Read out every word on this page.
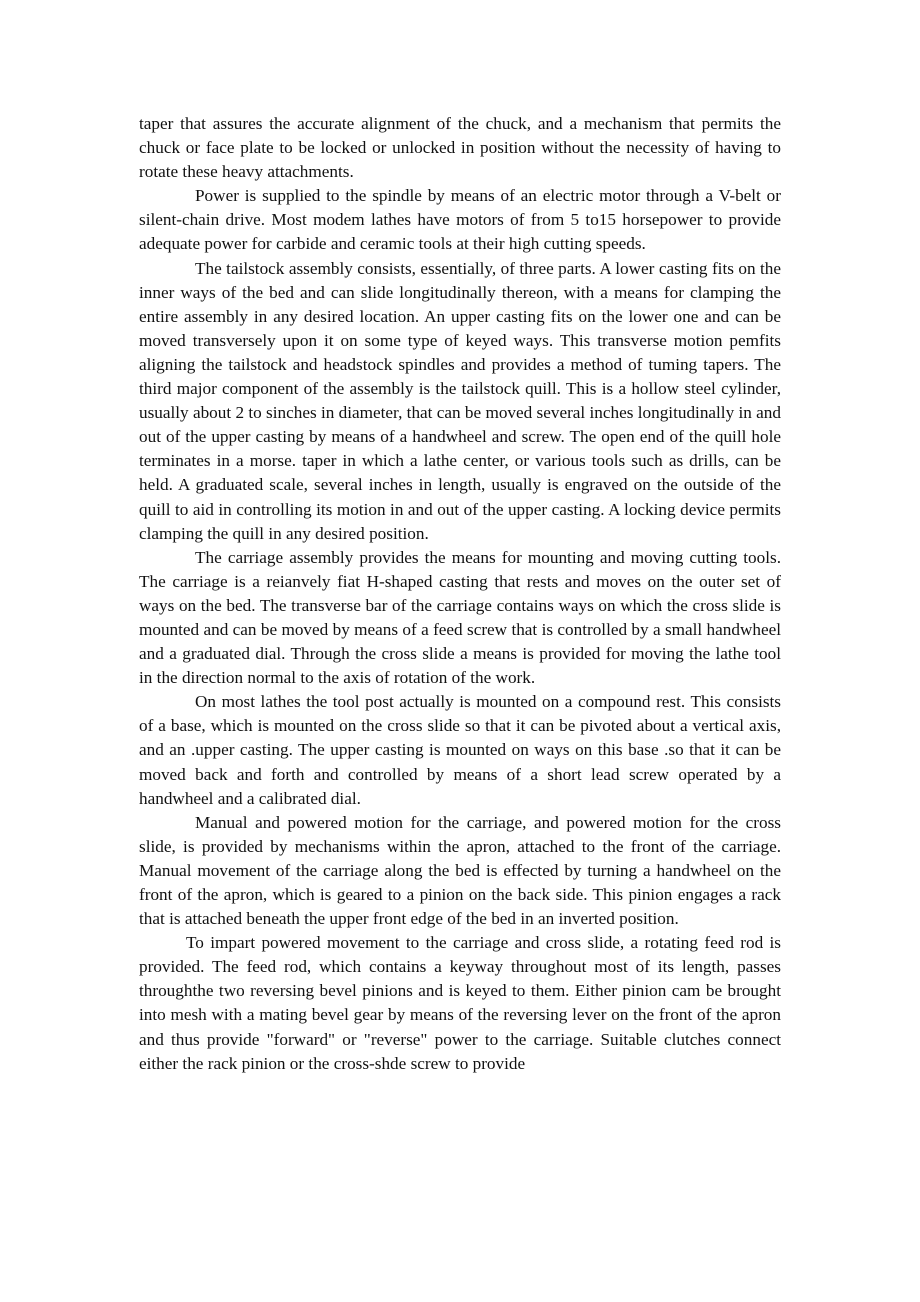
taper that assures the accurate alignment of the chuck, and a mechanism that permits the chuck or face plate to be locked or unlocked in position without the necessity of having to rotate these heavy attachments.

Power is supplied to the spindle by means of an electric motor through a V-belt or silent-chain drive. Most modem lathes have motors of from 5 to15 horsepower to provide adequate power for carbide and ceramic tools at their high cutting speeds.

The tailstock assembly consists, essentially, of three parts. A lower casting fits on the inner ways of the bed and can slide longitudinally thereon, with a means for clamping the entire assembly in any desired location. An upper casting fits on the lower one and can be moved transversely upon it on some type of keyed ways. This transverse motion pemfits aligning the tailstock and headstock spindles and provides a method of tuming tapers. The third major component of the assembly is the tailstock quill. This is a hollow steel cylinder, usually about 2 to sinches in diameter, that can be moved several inches longitudinally in and out of the upper casting by means of a handwheel and screw. The open end of the quill hole terminates in a morse. taper in which a lathe center, or various tools such as drills, can be held. A graduated scale, several inches in length, usually is engraved on the outside of the quill to aid in controlling its motion in and out of the upper casting. A locking device permits clamping the quill in any desired position.

The carriage assembly provides the means for mounting and moving cutting tools. The carriage is a reianvely fiat H-shaped casting that rests and moves on the outer set of ways on the bed. The transverse bar of the carriage contains ways on which the cross slide is mounted and can be moved by means of a feed screw that is controlled by a small handwheel and a graduated dial. Through the cross slide a means is provided for moving the lathe tool in the direction normal to the axis of rotation of the work.

On most lathes the tool post actually is mounted on a compound rest. This consists of a base, which is mounted on the cross slide so that it can be pivoted about a vertical axis, and an .upper casting. The upper casting is mounted on ways on this base .so that it can be moved back and forth and controlled by means of a short lead screw operated by a handwheel and a calibrated dial.

Manual and powered motion for the carriage, and powered motion for the cross slide, is provided by mechanisms within the apron, attached to the front of the carriage. Manual movement of the carriage along the bed is effected by turning a handwheel on the front of the apron, which is geared to a pinion on the back side. This pinion engages a rack that is attached beneath the upper front edge of the bed in an inverted position.

To impart powered movement to the carriage and cross slide, a rotating feed rod is provided. The feed rod, which contains a keyway throughout most of its length, passes throughthe two reversing bevel pinions and is keyed to them. Either pinion cam be brought into mesh with a mating bevel gear by means of the reversing lever on the front of the apron and thus provide "forward" or "reverse" power to the carriage. Suitable clutches connect either the rack pinion or the cross-shde screw to provide
